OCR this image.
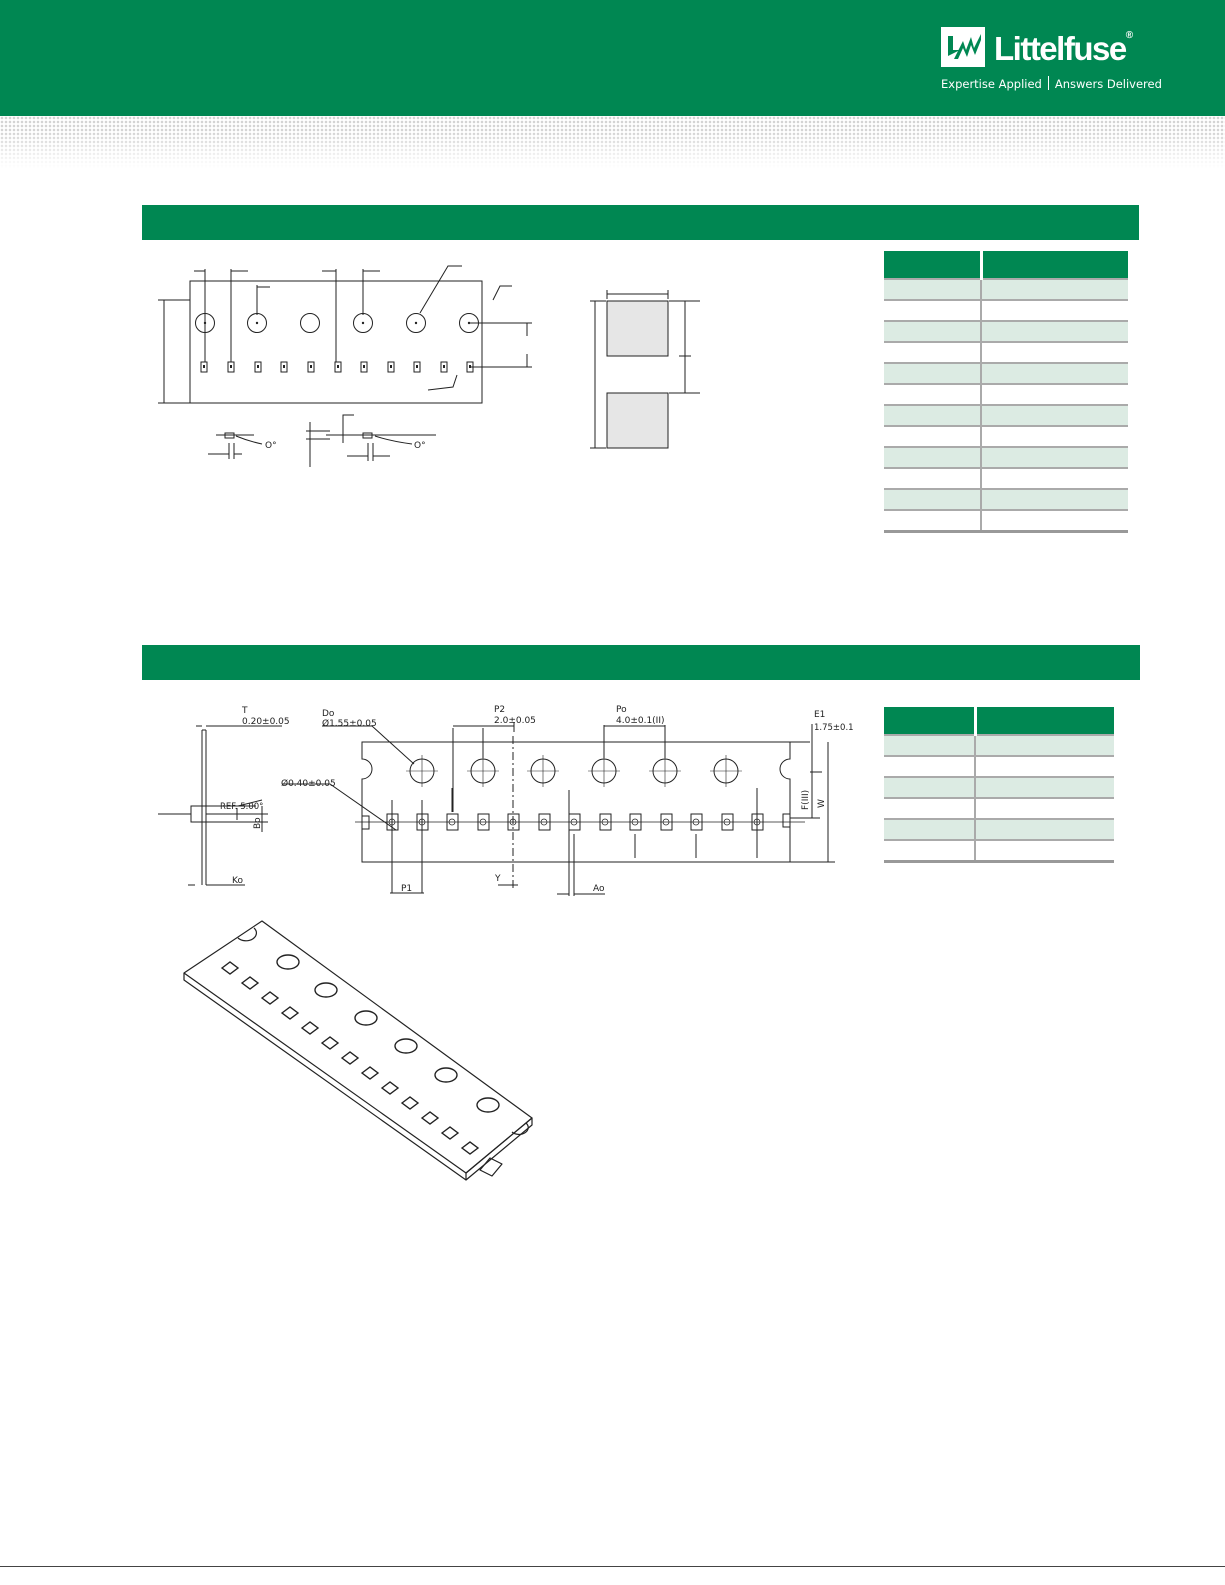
Littelfuse®
Expertise Applied Answers Delivered
O°	O°

T
0.20±0.05
Do
Ø1.55±0.05
P2
2.0±0.05
Po
4.0±0.1(II)
E1
1.75±0.1
Ø0.40±0.05
REF. 5.00°
Bo
F(III) W
Ko
P1
Y
Ao
